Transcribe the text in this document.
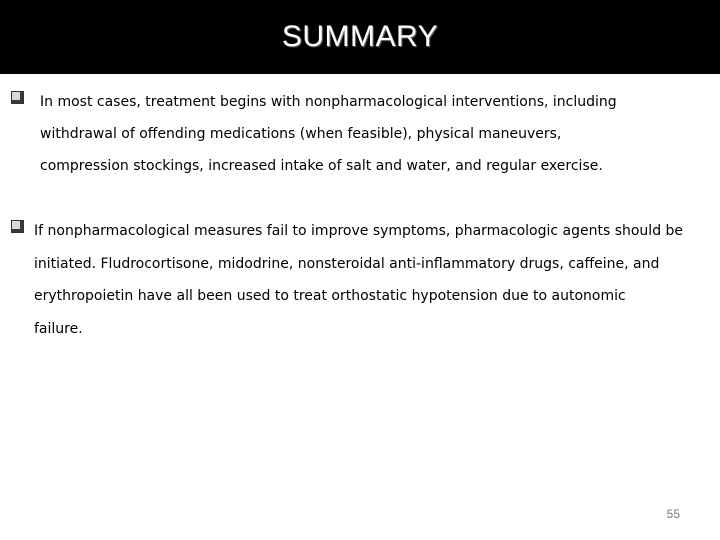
SUMMARY

In most cases, treatment begins with nonpharmacological interventions, including
withdrawal of offending medications (when feasible), physical maneuvers,
compression stockings, increased intake of salt and water, and regular exercise.

If nonpharmacological measures fail to improve symptoms, pharmacologic agents should be
initiated. Fludrocortisone, midodrine, nonsteroidal anti-inflammatory drugs, caffeine, and
erythropoietin have all been used to treat orthostatic hypotension due to autonomic
failure.

55
